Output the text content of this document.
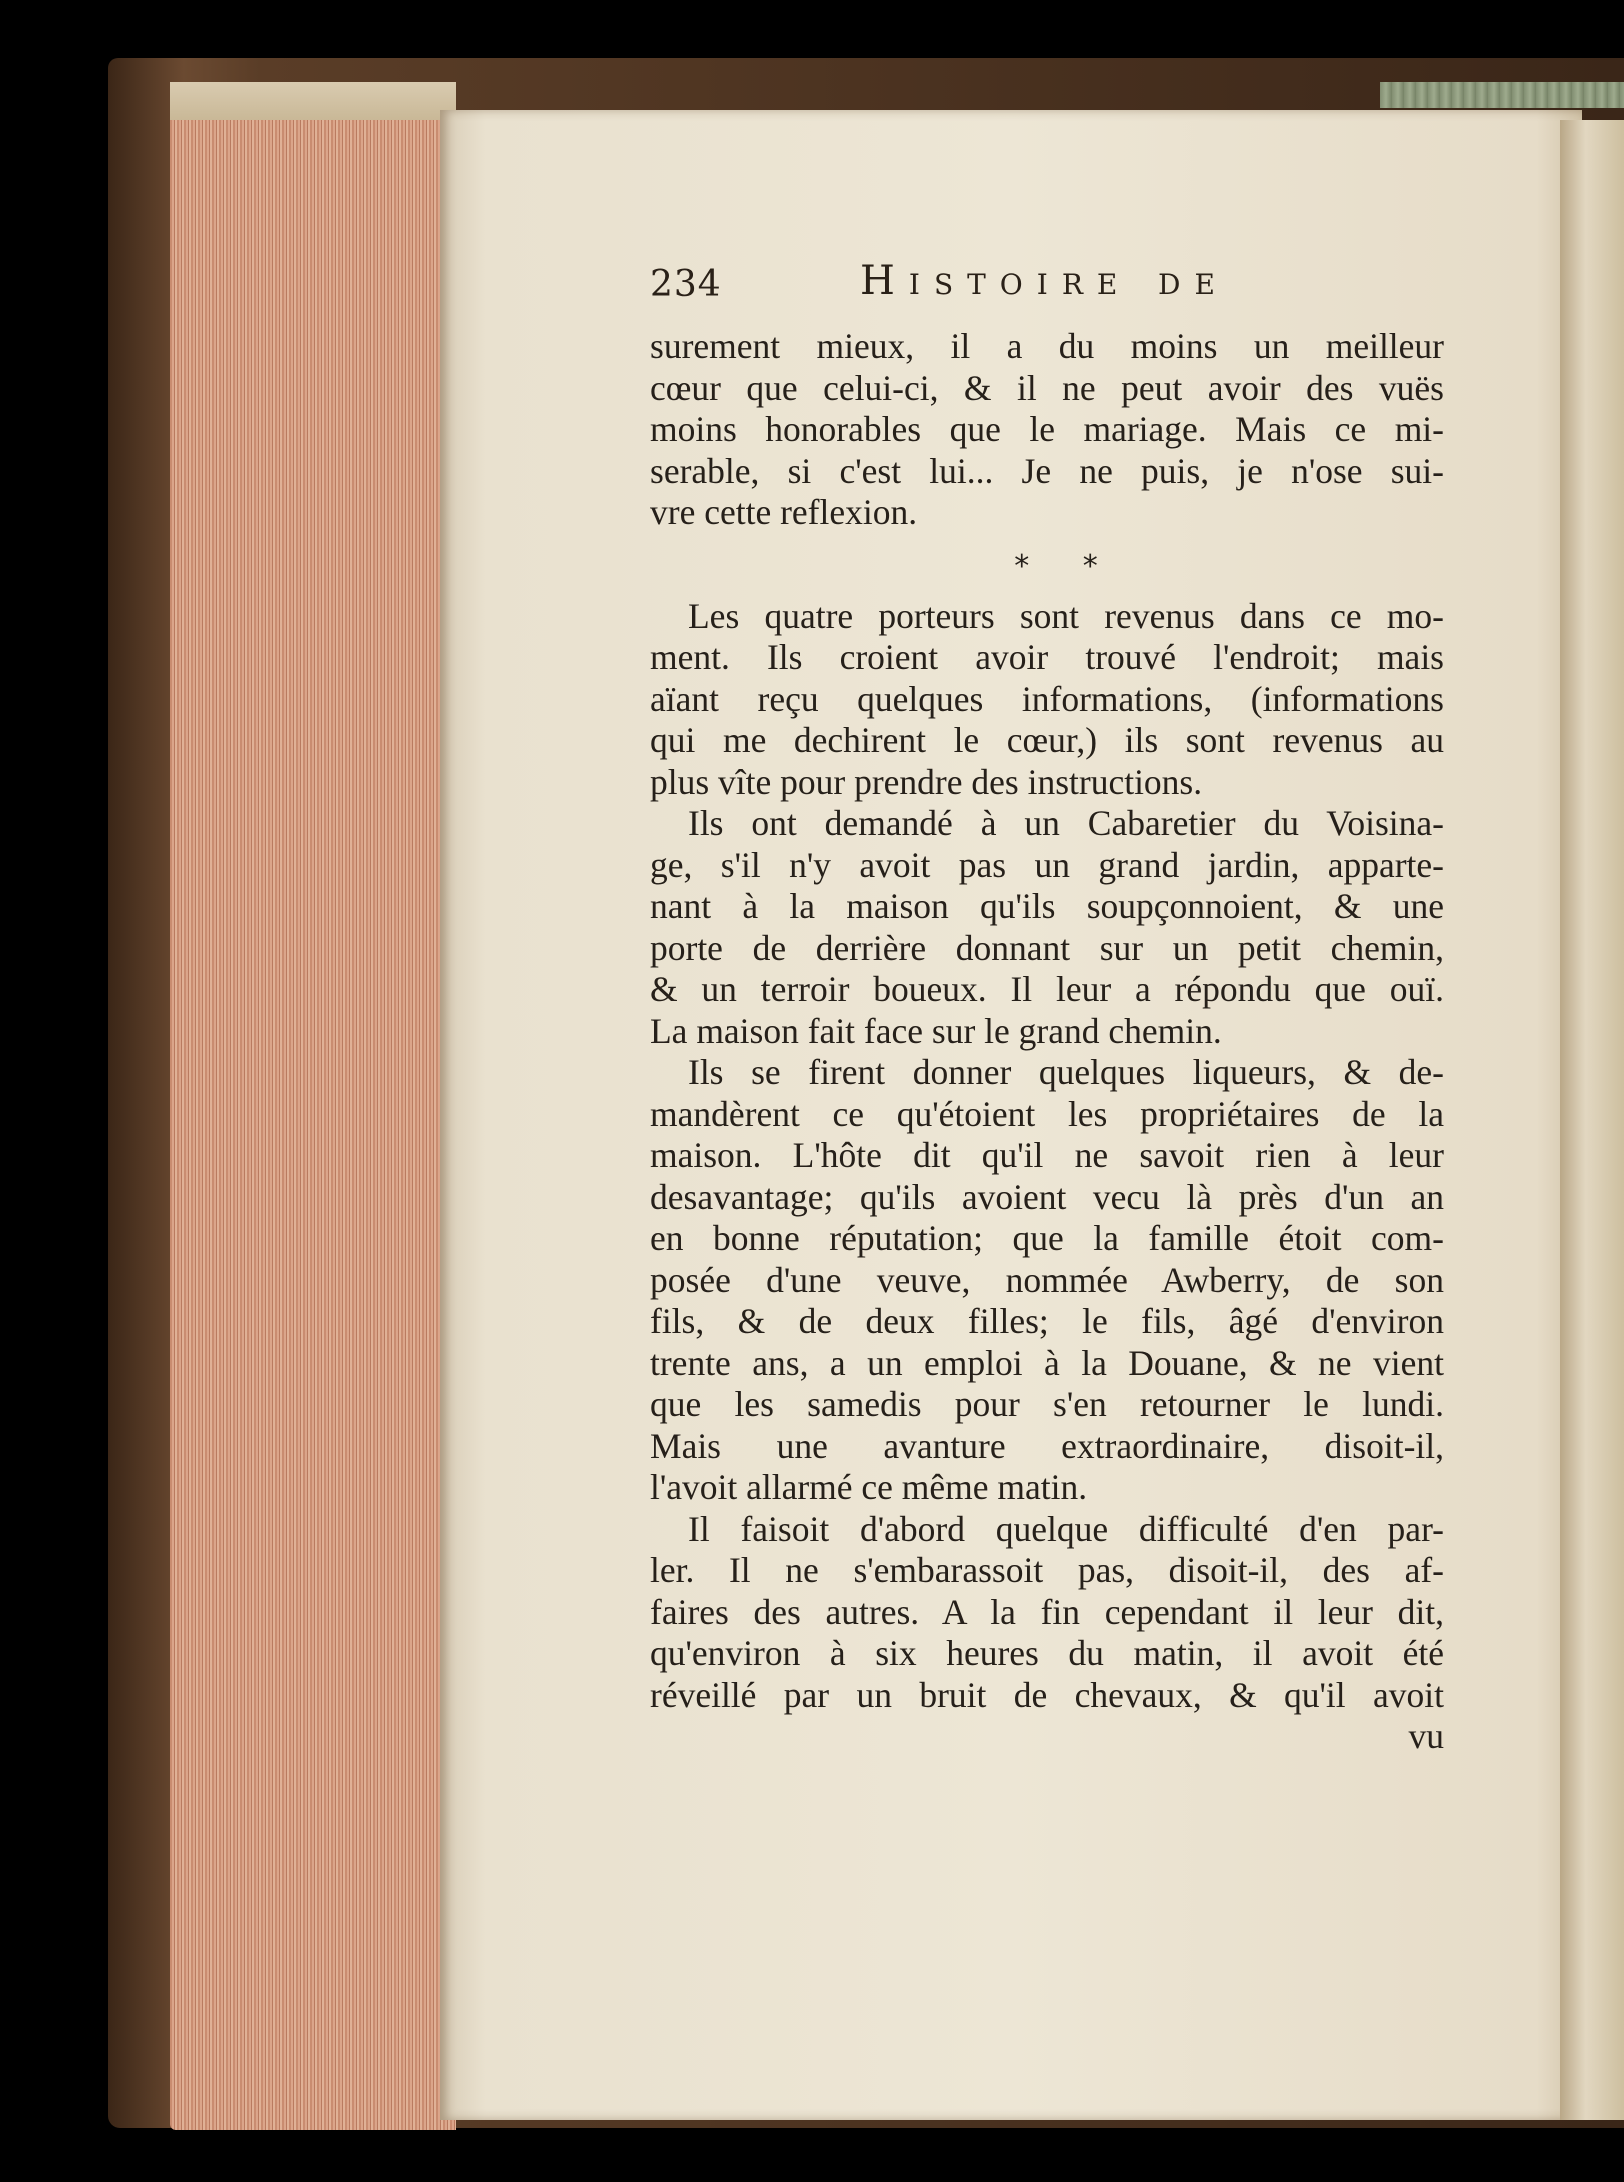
234	Histoire de
surement mieux, il a du moins un meilleur
cœur que celui-ci, & il ne peut avoir des vuës
moins honorables que le mariage. Mais ce mi-
serable, si c'est lui... Je ne puis, je n'ose sui-
vre cette reflexion.
* *
Les quatre porteurs sont revenus dans ce mo-
ment. Ils croient avoir trouvé l'endroit; mais
aïant reçu quelques informations, (informations
qui me dechirent le cœur,) ils sont revenus au
plus vîte pour prendre des instructions.
Ils ont demandé à un Cabaretier du Voisina-
ge, s'il n'y avoit pas un grand jardin, apparte-
nant à la maison qu'ils soupçonnoient, & une
porte de derrière donnant sur un petit chemin,
& un terroir boueux. Il leur a répondu que ouï.
La maison fait face sur le grand chemin.
Ils se firent donner quelques liqueurs, & de-
mandèrent ce qu'étoient les propriétaires de la
maison. L'hôte dit qu'il ne savoit rien à leur
desavantage; qu'ils avoient vecu là près d'un an
en bonne réputation; que la famille étoit com-
posée d'une veuve, nommée Awberry, de son
fils, & de deux filles; le fils, âgé d'environ
trente ans, a un emploi à la Douane, & ne vient
que les samedis pour s'en retourner le lundi.
Mais une avanture extraordinaire, disoit-il,
l'avoit allarmé ce même matin.
Il faisoit d'abord quelque difficulté d'en par-
ler. Il ne s'embarassoit pas, disoit-il, des af-
faires des autres. A la fin cependant il leur dit,
qu'environ à six heures du matin, il avoit été
réveillé par un bruit de chevaux, & qu'il avoit
vu
